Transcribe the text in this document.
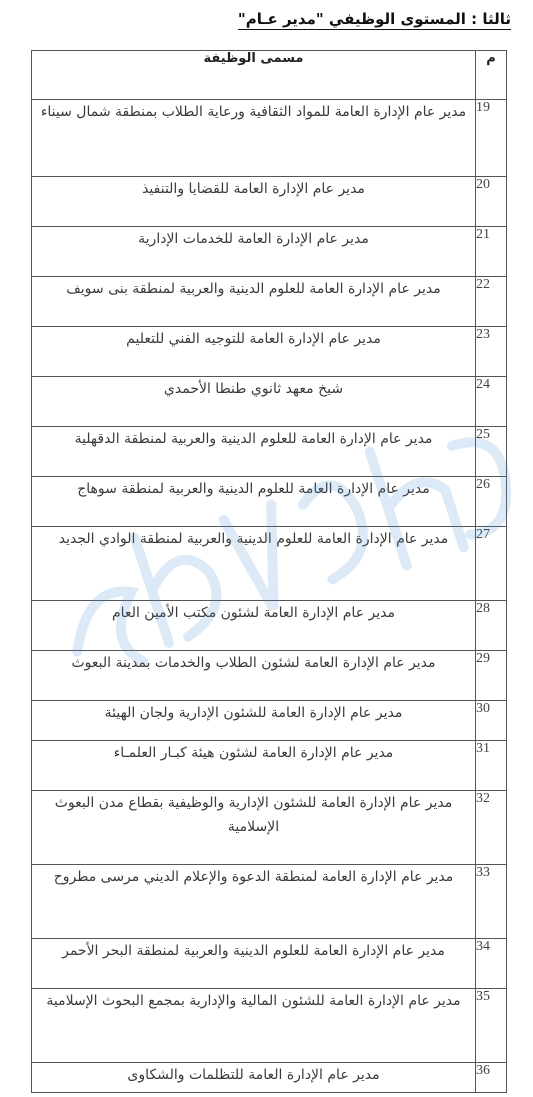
ثالثا : المستوى الوظيفي "مدير عـام"
م	مسمى الوظيفة
19	مدير عام الإدارة العامة للمواد الثقافية ورعاية الطلاب بمنطقة شمال سيناء
20	مدير عام الإدارة العامة للقضايا والتنفيذ
21	مدير عام الإدارة العامة للخدمات الإدارية
22	مدير عام الإدارة العامة للعلوم الدينية والعربية لمنطقة بنى سويف
23	مدير عام الإدارة العامة للتوجيه الفني للتعليم
24	شيخ معهد ثانوي طنطا الأحمدي
25	مدير عام الإدارة العامة للعلوم الدينية والعربية لمنطقة الدقهلية
26	مدير عام الإدارة العامة للعلوم الدينية والعربية لمنطقة سوهاج
27	مدير عام الإدارة العامة للعلوم الدينية والعربية لمنطقة الوادي الجديد
28	مدير عام الإدارة العامة لشئون مكتب الأمين العام
29	مدير عام الإدارة العامة لشئون الطلاب والخدمات بمدينة البعوث
30	مدير عام الإدارة العامة للشئون الإدارية ولجان الهيئة
31	مدير عام الإدارة العامة لشئون هيئة كبـار العلمـاء
32	مدير عام الإدارة العامة للشئون الإدارية والوظيفية بقطاع مدن البعوث الإسلامية
33	مدير عام الإدارة العامة لمنطقة الدعوة والإعلام الديني مرسى مطروح
34	مدير عام الإدارة العامة للعلوم الدينية والعربية لمنطقة البحر الأحمر
35	مدير عام الإدارة العامة للشئون المالية والإدارية بمجمع البحوث الإسلامية
36	مدير عام الإدارة العامة للتظلمات والشكاوى
